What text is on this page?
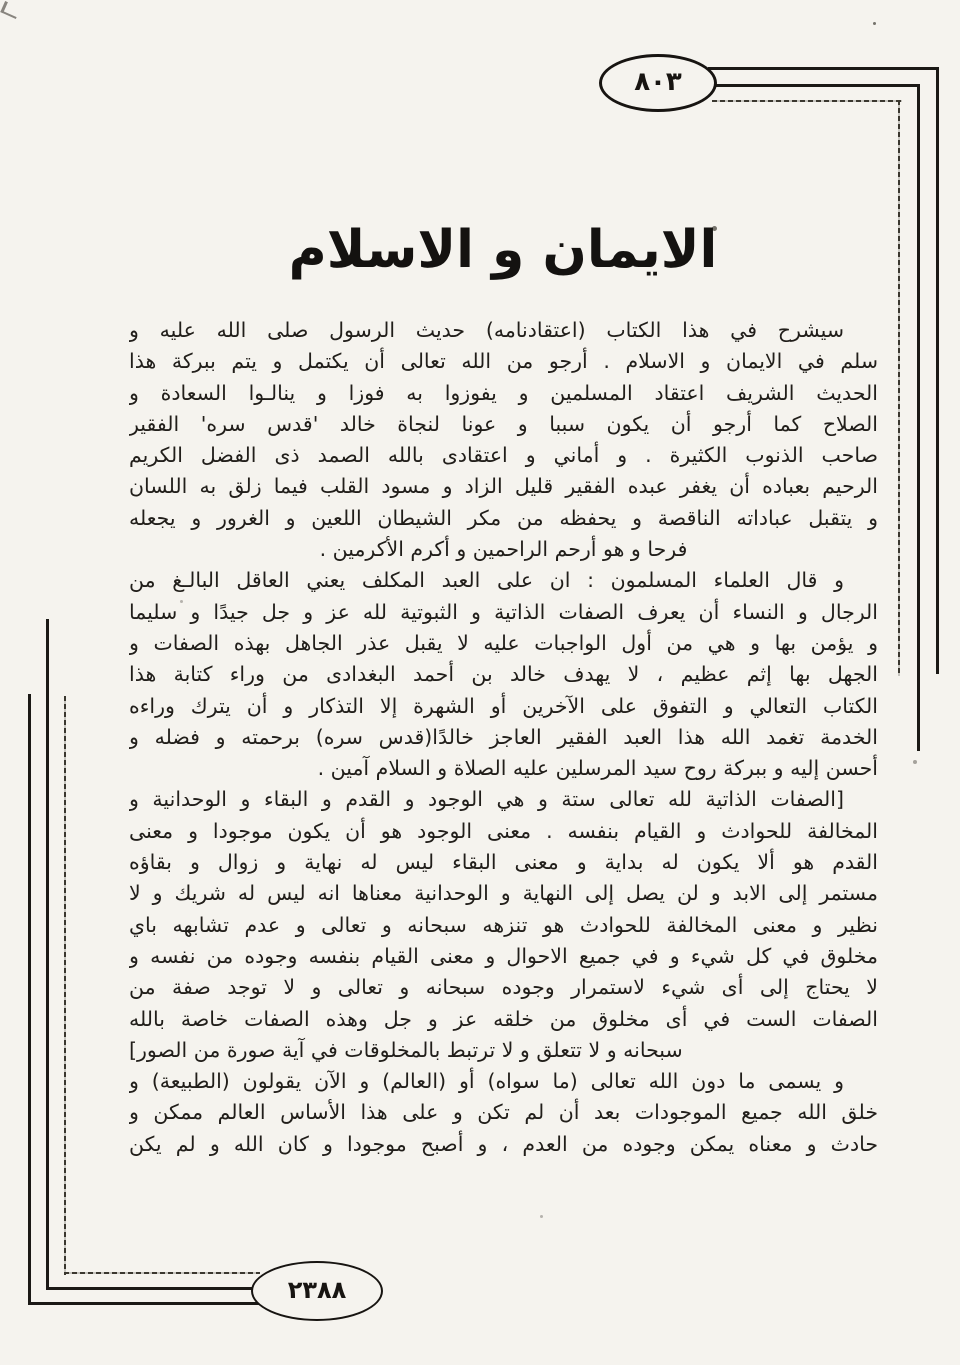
٨٠٣
٢٣٨٨
الايمان و الاسلام
سيشرح في هذا الكتاب (اعتقادنامه) حديث الرسول صلى الله عليه و
سلم في الايمان و الاسلام . أرجو من الله تعالى أن يكتمل و يتم ببركة هذا
الحديث الشريف اعتقاد المسلمين و يفوزوا به فوزا و ينالـوا السعادة و
الصلاح كما أرجو أن يكون سببا و عونا لنجاة خالد 'قدس سره' الفقير
صاحب الذنوب الكثيرة . و أماني و اعتقادى بالله الصمد ذى الفضل الكريم
الرحيم بعباده أن يغفر عبده الفقير قليل الزاد و مسود القلب فيما زلق به اللسان
و يتقبل عباداته الناقصة و يحفظه من مكر الشيطان اللعين و الغرور و يجعله
فرحا و هو أرحم الراحمين و أكرم الأكرمين .
و قال العلماء المسلمون : ان على العبد المكلف يعني العاقل البالـغ من
الرجال و النساء أن يعرف الصفات الذاتية و الثبوتية لله عز و جل جيدًا و سليما
و يؤمن بها و هي من أول الواجبات عليه لا يقبل عذر الجاهل بهذه الصفات و
الجهل بها إثم عظيم ، لا يهدف خالد بن أحمد البغدادى من وراء كتابة هذا
الكتاب التعالي و التفوق على الآخرين أو الشهرة إلا التذكار و أن يترك وراءه
الخدمة تغمد الله هذا العبد الفقير العاجز خالدًا(قدس سره) برحمته و فضله و
أحسن إليه و ببركة روح سيد المرسلين عليه الصلاة و السلام آمين .
[الصفات الذاتية لله تعالى ستة و هي الوجود و القدم و البقاء و الوحدانية و
المخالفة للحوادث و القيام بنفسه . معنى الوجود هو أن يكون موجودا و معنى
القدم هو ألا يكون له بداية و معنى البقاء ليس له نهاية و زوال و بقاؤه
مستمر إلى الابد و لن يصل إلى النهاية و الوحدانية معناها انه ليس له شريك و لا
نظير و معنى المخالفة للحوادث هو تنزهه سبحانه و تعالى و عدم تشابهه باي
مخلوق في كل شيء و في جميع الاحوال و معنى القيام بنفسه وجوده من نفسه و
لا يحتاج إلى أى شيء لاستمرار وجوده سبحانه و تعالى و لا توجد صفة من
الصفات الست في أى مخلوق من خلقه عز و جل وهذه الصفات خاصة بالله
سبحانه و لا تتعلق و لا ترتبط بالمخلوقات في آية صورة من الصور]
و يسمى ما دون الله تعالى (ما سواه) أو (العالم) و الآن يقولون (الطبيعة) و
خلق الله جميع الموجودات بعد أن لم تكن و على هذا الأساس العالم ممكن و
حادث و معناه يمكن وجوده من العدم ، و أصبح موجودا و كان الله و لم يكن
